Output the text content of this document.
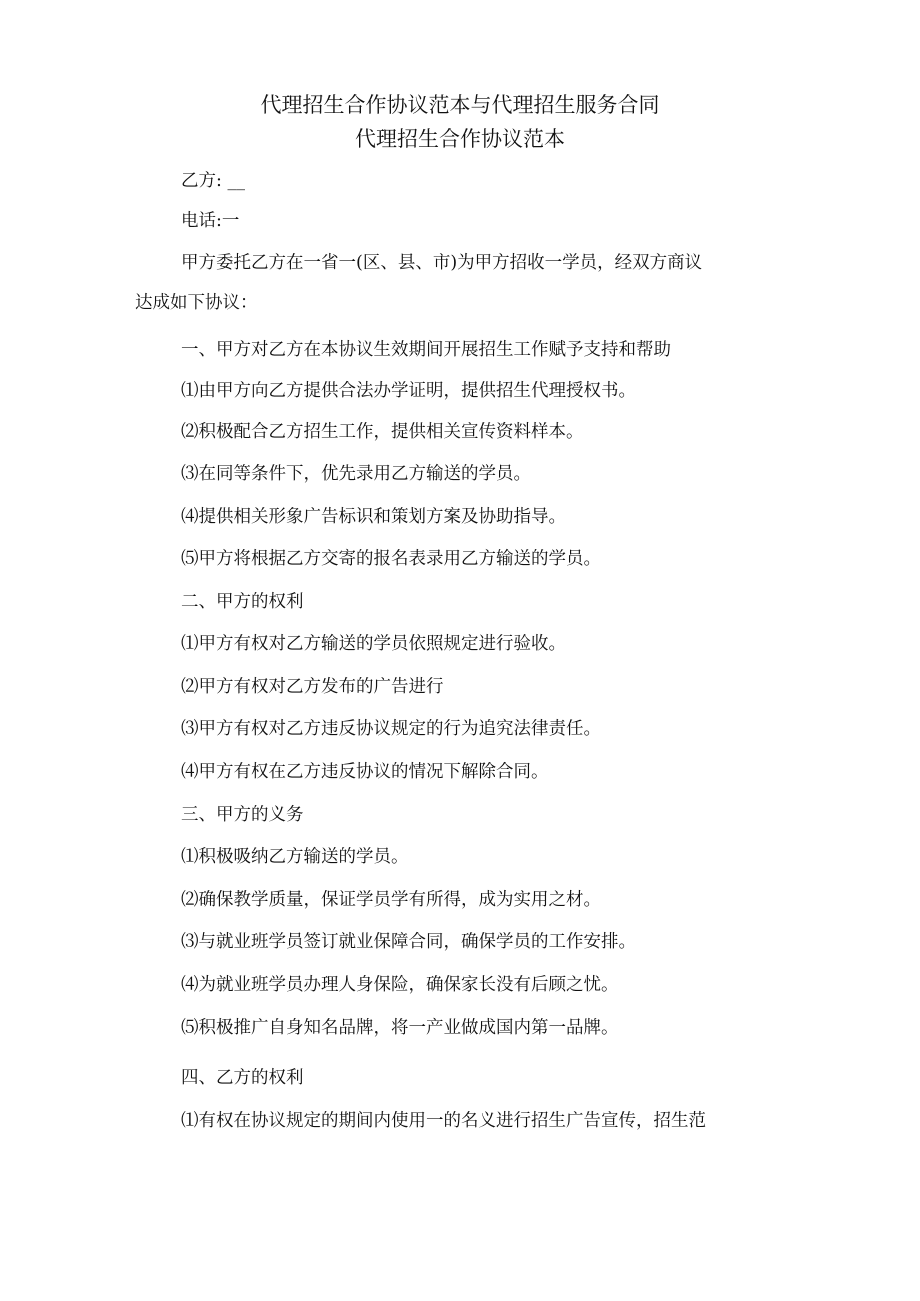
代理招生合作协议范本与代理招生服务合同
代理招生合作协议范本
乙方: __
电话:一
甲方委托乙方在一省一(区、县、市)为甲方招收一学员，经双方商议
达成如下协议：
一、甲方对乙方在本协议生效期间开展招生工作赋予支持和帮助
⑴由甲方向乙方提供合法办学证明，提供招生代理授权书。
⑵积极配合乙方招生工作，提供相关宣传资料样本。
⑶在同等条件下，优先录用乙方输送的学员。
⑷提供相关形象广告标识和策划方案及协助指导。
⑸甲方将根据乙方交寄的报名表录用乙方输送的学员。
二、甲方的权利
⑴甲方有权对乙方输送的学员依照规定进行验收。
⑵甲方有权对乙方发布的广告进行
⑶甲方有权对乙方违反协议规定的行为追究法律责任。
⑷甲方有权在乙方违反协议的情况下解除合同。
三、甲方的义务
⑴积极吸纳乙方输送的学员。
⑵确保教学质量，保证学员学有所得，成为实用之材。
⑶与就业班学员签订就业保障合同，确保学员的工作安排。
⑷为就业班学员办理人身保险，确保家长没有后顾之忧。
⑸积极推广自身知名品牌，将一产业做成国内第一品牌。
四、乙方的权利
⑴有权在协议规定的期间内使用一的名义进行招生广告宣传，招生范
